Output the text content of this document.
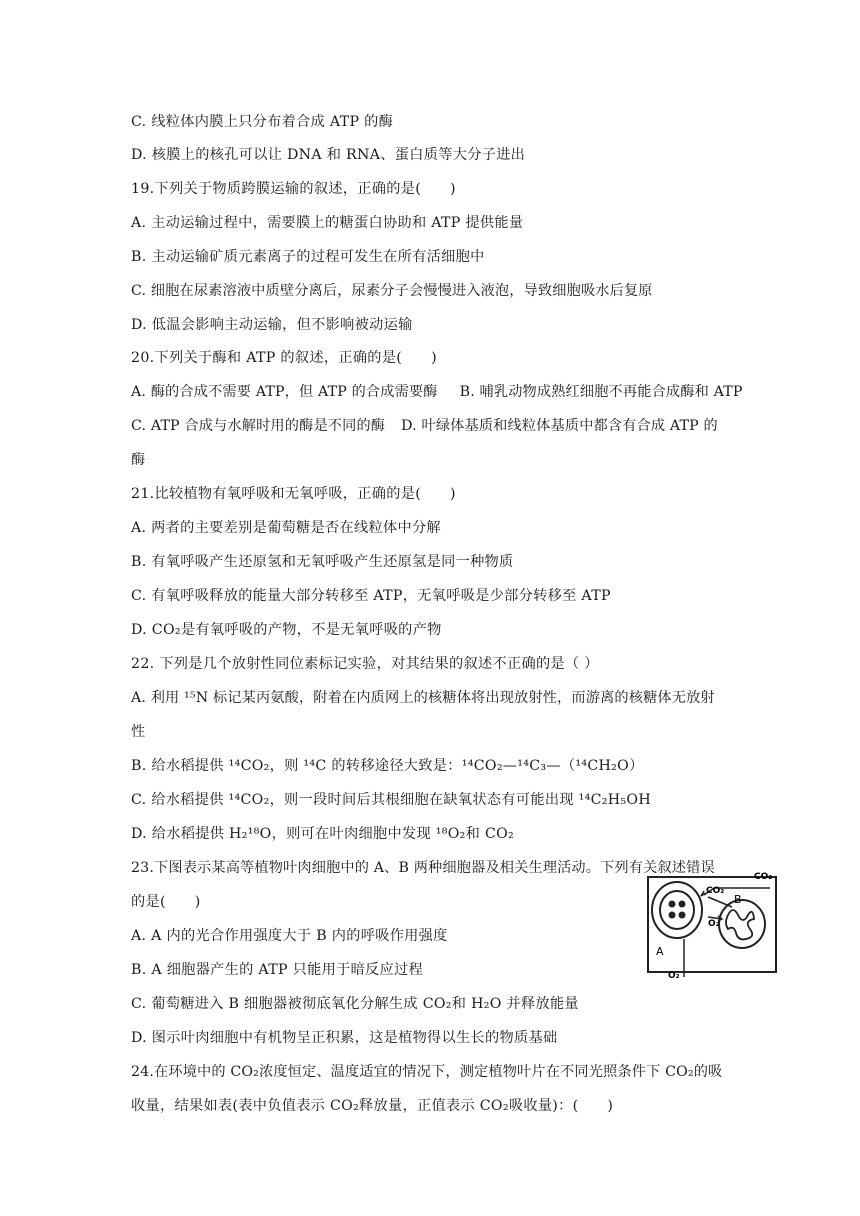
C. 线粒体内膜上只分布着合成 ATP 的酶
D. 核膜上的核孔可以让 DNA 和 RNA、蛋白质等大分子进出
19.下列关于物质跨膜运输的叙述，正确的是(　　)
A. 主动运输过程中，需要膜上的糖蛋白协助和 ATP 提供能量
B. 主动运输矿质元素离子的过程可发生在所有活细胞中
C. 细胞在尿素溶液中质壁分离后，尿素分子会慢慢进入液泡，导致细胞吸水后复原
D. 低温会影响主动运输，但不影响被动运输
20.下列关于酶和 ATP 的叙述，正确的是(　　)
A. 酶的合成不需要 ATP，但 ATP 的合成需要酶 B. 哺乳动物成熟红细胞不再能合成酶和 ATP
C. ATP 合成与水解时用的酶是不同的酶 D. 叶绿体基质和线粒体基质中都含有合成 ATP 的
酶
21.比较植物有氧呼吸和无氧呼吸，正确的是(　　)
A. 两者的主要差别是葡萄糖是否在线粒体中分解
B. 有氧呼吸产生还原氢和无氧呼吸产生还原氢是同一种物质
C. 有氧呼吸释放的能量大部分转移至 ATP，无氧呼吸是少部分转移至 ATP
D. CO₂是有氧呼吸的产物，不是无氧呼吸的产物
22. 下列是几个放射性同位素标记实验，对其结果的叙述不正确的是（ ）
A. 利用 ¹⁵N 标记某丙氨酸，附着在内质网上的核糖体将出现放射性，而游离的核糖体无放射
性
B. 给水稻提供 ¹⁴CO₂，则 ¹⁴C 的转移途径大致是：¹⁴CO₂—¹⁴C₃—（¹⁴CH₂O）
C. 给水稻提供 ¹⁴CO₂，则一段时间后其根细胞在缺氧状态有可能出现 ¹⁴C₂H₅OH
D. 给水稻提供 H₂¹⁸O，则可在叶肉细胞中发现 ¹⁸O₂和 CO₂
23.下图表示某高等植物叶肉细胞中的 A、B 两种细胞器及相关生理活动。下列有关叙述错误
的是(　　)
A. A 内的光合作用强度大于 B 内的呼吸作用强度
B. A 细胞器产生的 ATP 只能用于暗反应过程
C. 葡萄糖进入 B 细胞器被彻底氧化分解生成 CO₂和 H₂O 并释放能量
D. 图示叶肉细胞中有机物呈正积累，这是植物得以生长的物质基础
24.在环境中的 CO₂浓度恒定、温度适宜的情况下，测定植物叶片在不同光照条件下 CO₂的吸
收量，结果如表(表中负值表示 CO₂释放量，正值表示 CO₂吸收量)：(　　)
CO₂
CO₂
O₂
O₂
A
B
